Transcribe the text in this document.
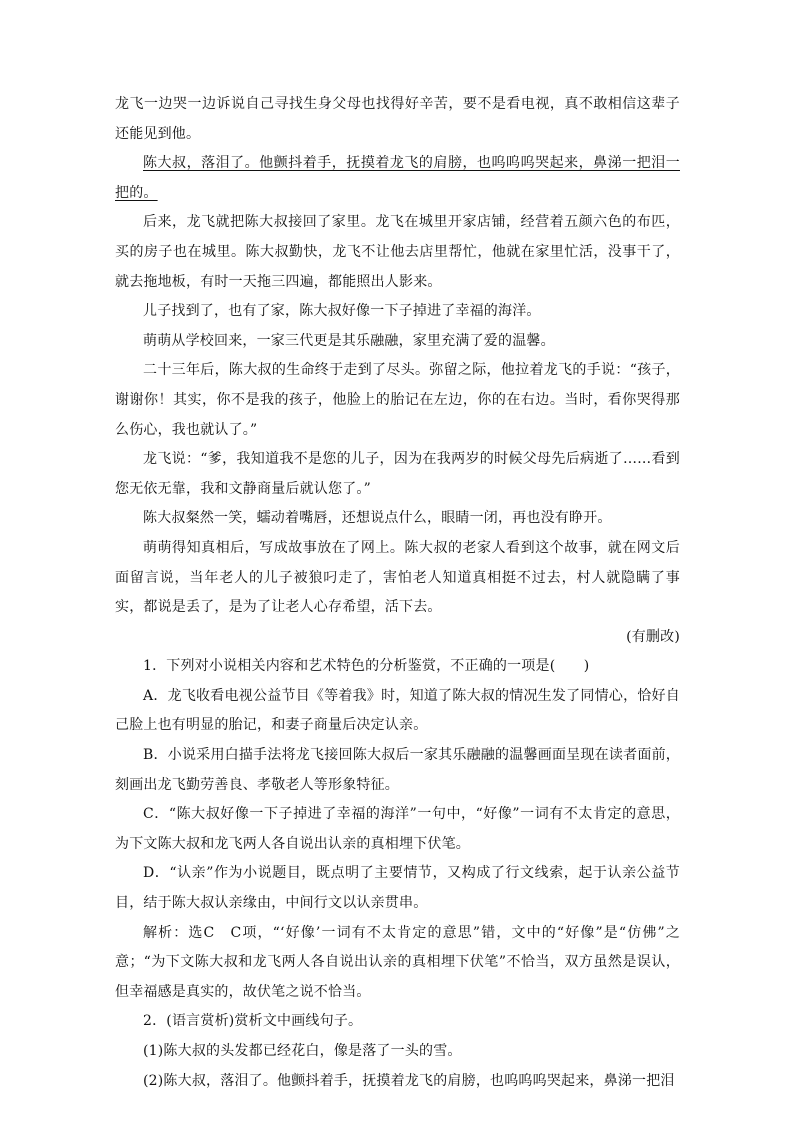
龙飞一边哭一边诉说自己寻找生身父母也找得好辛苦，要不是看电视，真不敢相信这辈子还能见到他。

陈大叔，落泪了。他颤抖着手，抚摸着龙飞的肩膀，也呜呜呜哭起来，鼻涕一把泪一把的。

后来，龙飞就把陈大叔接回了家里。龙飞在城里开家店铺，经营着五颜六色的布匹，买的房子也在城里。陈大叔勤快，龙飞不让他去店里帮忙，他就在家里忙活，没事干了，就去拖地板，有时一天拖三四遍，都能照出人影来。

儿子找到了，也有了家，陈大叔好像一下子掉进了幸福的海洋。

萌萌从学校回来，一家三代更是其乐融融，家里充满了爱的温馨。

二十三年后，陈大叔的生命终于走到了尽头。弥留之际，他拉着龙飞的手说：“孩子，谢谢你！其实，你不是我的孩子，他脸上的胎记在左边，你的在右边。当时，看你哭得那么伤心，我也就认了。”

龙飞说：“爹，我知道我不是您的儿子，因为在我两岁的时候父母先后病逝了……看到您无依无靠，我和文静商量后就认您了。”

陈大叔粲然一笑，蠕动着嘴唇，还想说点什么，眼睛一闭，再也没有睁开。

萌萌得知真相后，写成故事放在了网上。陈大叔的老家人看到这个故事，就在网文后面留言说，当年老人的儿子被狼叼走了，害怕老人知道真相挺不过去，村人就隐瞒了事实，都说是丢了，是为了让老人心存希望，活下去。

(有删改)

1．下列对小说相关内容和艺术特色的分析鉴赏，不正确的一项是(　　)

A．龙飞收看电视公益节目《等着我》时，知道了陈大叔的情况生发了同情心，恰好自己脸上也有明显的胎记，和妻子商量后决定认亲。

B．小说采用白描手法将龙飞接回陈大叔后一家其乐融融的温馨画面呈现在读者面前，刻画出龙飞勤劳善良、孝敬老人等形象特征。

C．“陈大叔好像一下子掉进了幸福的海洋”一句中，“好像”一词有不太肯定的意思，为下文陈大叔和龙飞两人各自说出认亲的真相埋下伏笔。

D．“认亲”作为小说题目，既点明了主要情节，又构成了行文线索，起于认亲公益节目，结于陈大叔认亲缘由，中间行文以认亲贯串。

解析：选C　C项，“‘好像’一词有不太肯定的意思”错，文中的“好像”是“仿佛”之意；“为下文陈大叔和龙飞两人各自说出认亲的真相埋下伏笔”不恰当，双方虽然是误认，但幸福感是真实的，故伏笔之说不恰当。

2．(语言赏析)赏析文中画线句子。

(1)陈大叔的头发都已经花白，像是落了一头的雪。

(2)陈大叔，落泪了。他颤抖着手，抚摸着龙飞的肩膀，也呜呜呜哭起来，鼻涕一把泪
